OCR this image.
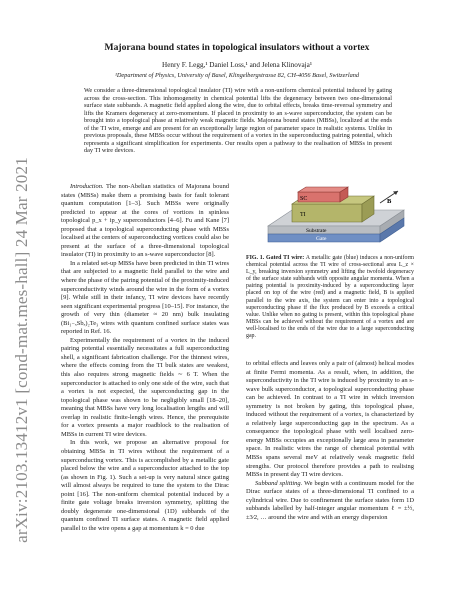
arXiv:2103.13412v1 [cond-mat.mes-hall] 24 Mar 2021
Majorana bound states in topological insulators without a vortex
Henry F. Legg,¹ Daniel Loss,¹ and Jelena Klinovaja¹
¹Department of Physics, University of Basel, Klingelbergstrasse 82, CH-4056 Basel, Switzerland
We consider a three-dimensional topological insulator (TI) wire with a non-uniform chemical potential induced by gating across the cross-section. This inhomogeneity in chemical potential lifts the degeneracy between two one-dimensional surface state subbands. A magnetic field applied along the wire, due to orbital effects, breaks time-reversal symmetry and lifts the Kramers degeneracy at zero-momentum. If placed in proximity to an s-wave superconductor, the system can be brought into a topological phase at relatively weak magnetic fields. Majorana bound states (MBSs), localized at the ends of the TI wire, emerge and are present for an exceptionally large region of parameter space in realistic systems. Unlike in previous proposals, these MBSs occur without the requirement of a vortex in the superconducting pairing potential, which represents a significant simplification for experiments. Our results open a pathway to the realisation of MBSs in present day TI wire devices.

Introduction. The non-Abelian statistics of Majorana bound states (MBSs) make them a promising basis for fault tolerant quantum computation [1–3]. Such MBSs were originally predicted to appear at the cores of vortices in spinless topological p_x + ip_y superconductors [4–6]. Fu and Kane [7] proposed that a topological superconducting phase with MBSs localised at the centers of superconducting vortices could also be present at the surface of a three-dimensional topological insulator (TI) in proximity to an s-wave superconductor [8].

In a related set-up MBSs have been predicted in thin TI wires that are subjected to a magnetic field parallel to the wire and where the phase of the pairing potential of the proximity-induced superconductivity winds around the wire in the form of a vortex [9]. While still in their infancy, TI wire devices have recently seen significant experimental progress [10–15]. For instance, the growth of very thin (diameter ≈ 20 nm) bulk insulating (Bi₁₋ₓSbₓ)₂Te₃ wires with quantum confined surface states was reported in Ref. 16.

Experimentally the requirement of a vortex in the induced pairing potential essentially necessitates a full superconducting shell, a significant fabrication challenge. For the thinnest wires, where the effects coming from the TI bulk states are weakest, this also requires strong magnetic fields ∼ 6 T. When the superconductor is attached to only one side of the wire, such that a vortex is not expected, the superconducting gap in the topological phase was shown to be negligibly small [18–20], meaning that MBSs have very long localisation lengths and will overlap in realistic finite-length wires. Hence, the prerequisite for a vortex presents a major roadblock to the realisation of MBSs in current TI wire devices.

In this work, we propose an alternative proposal for obtaining MBSs in TI wires without the requirement of a superconducting vortex. This is accomplished by a metallic gate placed below the wire and a superconductor attached to the top (as shown in Fig. 1). Such a set-up is very natural since gating will almost always be required to tune the system to the Dirac point [16]. The non-uniform chemical potential induced by a finite gate voltage breaks inversion symmetry, splitting the doubly degenerate one-dimensional (1D) subbands of the quantum confined TI surface states. A magnetic field applied parallel to the wire opens a gap at momentum k = 0 due

SC
TI
B
Substrate
Gate
FIG. 1. Gated TI wire: A metallic gate (blue) induces a non-uniform chemical potential across the TI wire of cross-sectional area L_z × L_y, breaking inversion symmetry and lifting the twofold degeneracy of the surface state subbands with opposite angular momenta. When a pairing potential is proximity-induced by a superconducting layer placed on top of the wire (red) and a magnetic field, B is applied parallel to the wire axis, the system can enter into a topological superconducting phase if the flux produced by B exceeds a critical value. Unlike when no gating is present, within this topological phase MBSs can be achieved without the requirement of a vortex and are well-localised to the ends of the wire due to a large superconducting gap.

to orbital effects and leaves only a pair of (almost) helical modes at finite Fermi momenta. As a result, when, in addition, the superconductivity in the TI wire is induced by proximity to an s-wave bulk superconductor, a topological superconducting phase can be achieved. In contrast to a TI wire in which inversion symmetry is not broken by gating, this topological phase, induced without the requirement of a vortex, is characterized by a relatively large superconducting gap in the spectrum. As a consequence the topological phase with well localised zero-energy MBSs occupies an exceptionally large area in parameter space. In realistic wires the range of chemical potential with MBSs spans several meV at relatively weak magnetic field strengths. Our protocol therefore provides a path to realising MBSs in present day TI wire devices.

Subband splitting. We begin with a continuum model for the Dirac surface states of a three-dimensional TI confined to a cylindrical wire. Due to confinement the surface states form 1D subbands labelled by half-integer angular momentum ℓ = ±½, ±3⁄2, … around the wire and with an energy dispersion
